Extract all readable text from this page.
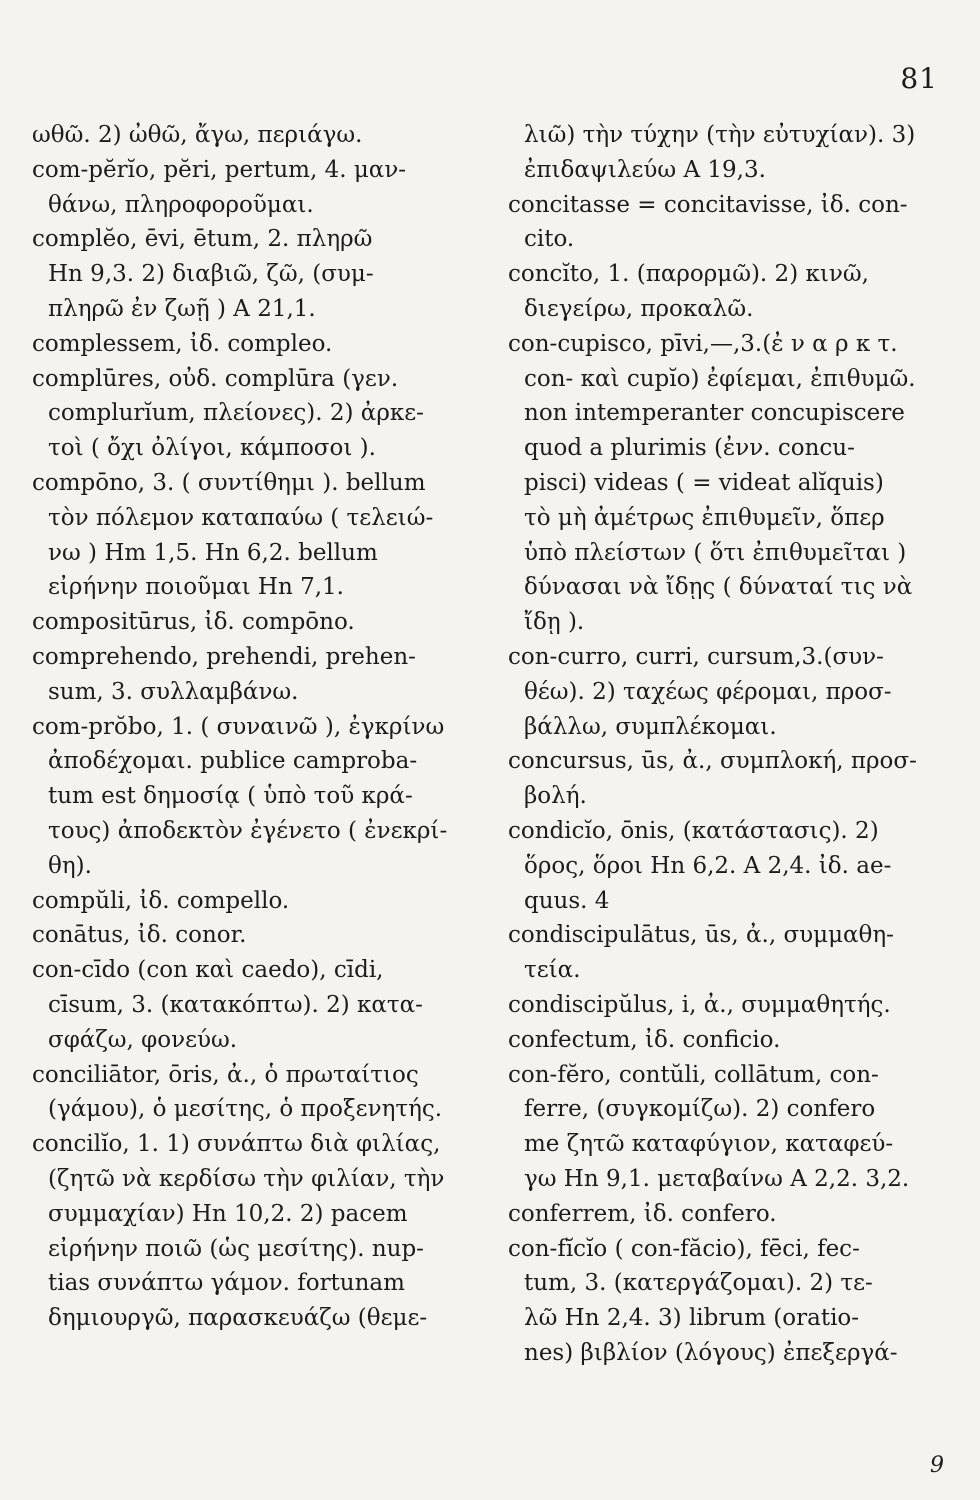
81
ωθῶ. 2) ὠθῶ, ἄγω, περιάγω.
com-pĕrĭo, pĕri, pertum, 4. μαν-
θάνω, πληροφοροῦμαι.
complĕo, ēvi, ētum, 2. πληρῶ
Hn 9,3. 2) διαβιῶ, ζῶ, (συμ-
πληρῶ ἐν ζωῇ ) A 21,1.
complessem, ἰδ. compleo.
complūres, οὐδ. complūra (γεν.
complurĭum, πλείονες). 2) ἀρκε-
τοὶ ( ὄχι ὀλίγοι, κάμποσοι ).
compōno, 3. ( συντίθημι ). bellum
τὸν πόλεμον καταπαύω ( τελειώ-
νω ) Hm 1,5. Hn 6,2. bellum
εἰρήνην ποιοῦμαι Hn 7,1.
compositūrus, ἰδ. compōno.
comprehendo, prehendi, prehen-
sum, 3. συλλαμβάνω.
com-prŏbo, 1. ( συναινῶ ), ἐγκρίνω
ἀποδέχομαι. publice camproba-
tum est δημοσίᾳ ( ὑπὸ τοῦ κρά-
τους) ἀποδεκτὸν ἐγένετο ( ἐνεκρί-
θη).
compŭli, ἰδ. compello.
conātus, ἰδ. conor.
con-cīdo (con καὶ caedo), cīdi,
cīsum, 3. (κατακόπτω). 2) κατα-
σφάζω, φονεύω.
conciliātor, ōris, ἀ., ὁ πρωταίτιος
(γάμου), ὁ μεσίτης, ὁ προξενητής.
concilĭo, 1. 1) συνάπτω διὰ φιλίας,
(ζητῶ νὰ κερδίσω τὴν φιλίαν, τὴν
συμμαχίαν) Hn 10,2. 2) pacem
εἰρήνην ποιῶ (ὡς μεσίτης). nup-
tias συνάπτω γάμον. fortunam
δημιουργῶ, παρασκευάζω (θεμε-
λιῶ) τὴν τύχην (τὴν εὐτυχίαν). 3)
ἐπιδαψιλεύω A 19,3.
concitasse = concitavisse, ἰδ. con-
cito.
concĭto, 1. (παρορμῶ). 2) κινῶ,
διεγείρω, προκαλῶ.
con-cupisco, pīvi,—,3.(ἐ ν α ρ κ τ.
con- καὶ cupĭo) ἐφίεμαι, ἐπιθυμῶ.
non intemperanter concupiscere
quod a plurimis (ἐνν. concu-
pisci) videas ( = videat alĭquis)
τὸ μὴ ἀμέτρως ἐπιθυμεῖν, ὅπερ
ὑπὸ πλείστων ( ὅτι ἐπιθυμεῖται )
δύνασαι νὰ ἴδῃς ( δύναταί τις νὰ
ἴδῃ ).
con-curro, curri, cursum,3.(συν-
θέω). 2) ταχέως φέρομαι, προσ-
βάλλω, συμπλέκομαι.
concursus, ūs, ἀ., συμπλοκή, προσ-
βολή.
condicĭo, ōnis, (κατάστασις). 2)
ὅρος, ὅροι Hn 6,2. A 2,4. ἰδ. ae-
quus. 4
condiscipulātus, ūs, ἀ., συμμαθη-
τεία.
condiscipŭlus, i, ἀ., συμμαθητής.
confectum, ἰδ. conficio.
con-fĕro, contŭli, collātum, con-
ferre, (συγκομίζω). 2) confero
me ζητῶ καταφύγιον, καταφεύ-
γω Hn 9,1. μεταβαίνω A 2,2. 3,2.
conferrem, ἰδ. confero.
con-fĭcĭo ( con-făcio), fēci, fec-
tum, 3. (κατεργάζομαι). 2) τε-
λῶ Hn 2,4. 3) librum (oratio-
nes) βιβλίον (λόγους) ἐπεξεργά-
9
